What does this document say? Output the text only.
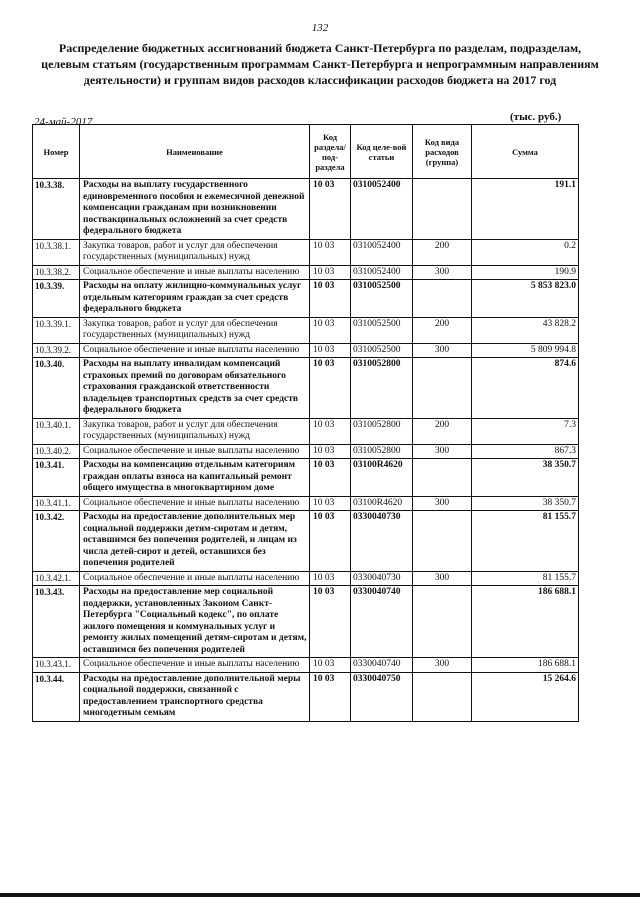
132
Распределение бюджетных ассигнований бюджета Санкт-Петербурга по разделам, подразделам, целевым статьям (государственным программам Санкт-Петербурга и непрограммным направлениям деятельности) и группам видов расходов классификации расходов бюджета на 2017 год
24-май-2017	(тыс. руб.)
Номер	Наименование	Код раздела/ под-раздела	Код целе-вой статьи	Код вида расходов (группа)	Сумма
10.3.38.	Расходы на выплату государственного единовременного пособия и ежемесячной денежной компенсации гражданам при возникновении поствакцинальных осложнений за счет средств федерального бюджета	10 03	0310052400		191.1
10.3.38.1.	Закупка товаров, работ и услуг для обеспечения государственных (муниципальных) нужд	10 03	0310052400	200	0.2
10.3.38.2.	Социальное обеспечение и иные выплаты населению	10 03	0310052400	300	190.9
10.3.39.	Расходы на оплату жилищно-коммунальных услуг отдельным категориям граждан за счет средств федерального бюджета	10 03	0310052500		5 853 823.0
10.3.39.1.	Закупка товаров, работ и услуг для обеспечения государственных (муниципальных) нужд	10 03	0310052500	200	43 828.2
10.3.39.2.	Социальное обеспечение и иные выплаты населению	10 03	0310052500	300	5 809 994.8
10.3.40.	Расходы на выплату инвалидам компенсаций страховых премий по договорам обязательного страхования гражданской ответственности владельцев транспортных средств за счет средств федерального бюджета	10 03	0310052800		874.6
10.3.40.1.	Закупка товаров, работ и услуг для обеспечения государственных (муниципальных) нужд	10 03	0310052800	200	7.3
10.3.40.2.	Социальное обеспечение и иные выплаты населению	10 03	0310052800	300	867.3
10.3.41.	Расходы на компенсацию отдельным категориям граждан оплаты взноса на капитальный ремонт общего имущества в многоквартирном доме	10 03	03100R4620		38 350.7
10.3.41.1.	Социальное обеспечение и иные выплаты населению	10 03	03100R4620	300	38 350.7
10.3.42.	Расходы на предоставление дополнительных мер социальной поддержки детям-сиротам и детям, оставшимся без попечения родителей, и лицам из числа детей-сирот и детей, оставшихся без попечения родителей	10 03	0330040730		81 155.7
10.3.42.1.	Социальное обеспечение и иные выплаты населению	10 03	0330040730	300	81 155.7
10.3.43.	Расходы на предоставление мер социальной поддержки, установленных Законом Санкт-Петербурга "Социальный кодекс", по оплате жилого помещения и коммунальных услуг и ремонту жилых помещений детям-сиротам и детям, оставшимся без попечения родителей	10 03	0330040740		186 688.1
10.3.43.1.	Социальное обеспечение и иные выплаты населению	10 03	0330040740	300	186 688.1
10.3.44.	Расходы на предоставление дополнительной меры социальной поддержки, связанной с предоставлением транспортного средства многодетным семьям	10 03	0330040750		15 264.6
